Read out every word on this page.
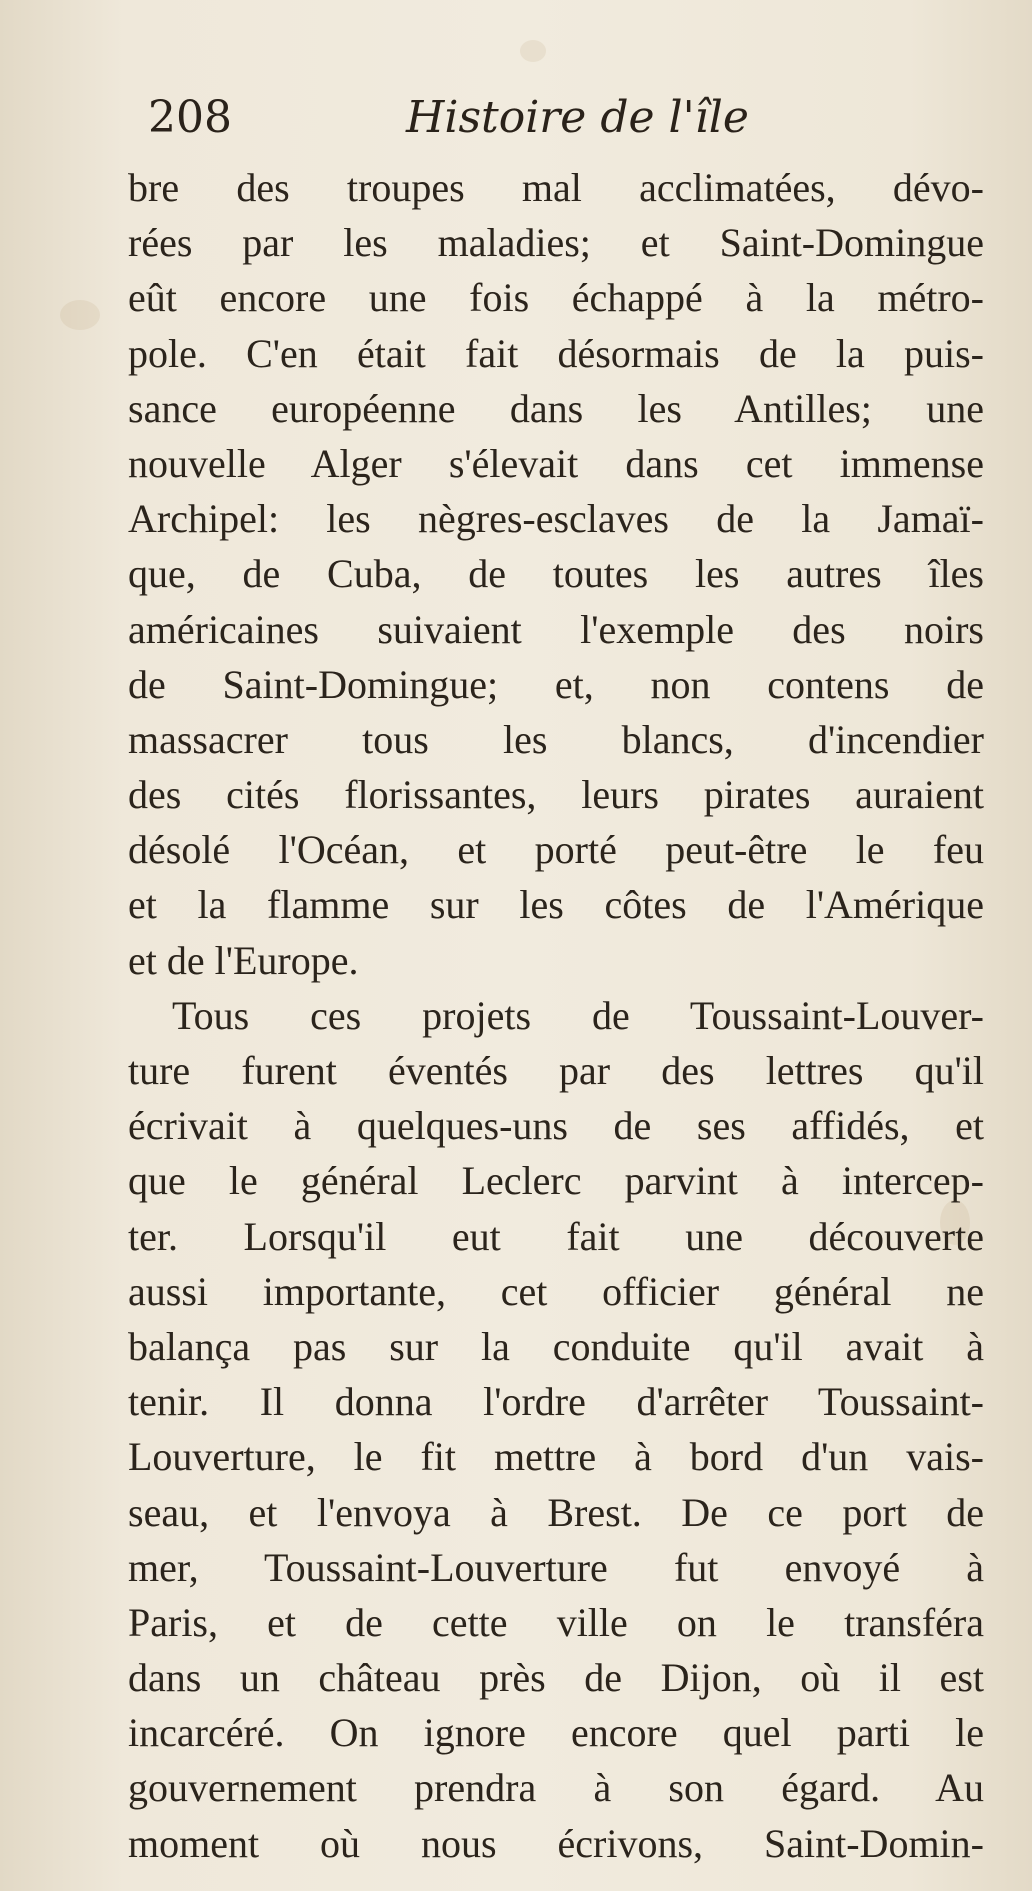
208	Histoire de l'île
bre des troupes mal acclimatées, dévo-
rées par les maladies; et Saint-Domingue
eût encore une fois échappé à la métro-
pole. C'en était fait désormais de la puis-
sance européenne dans les Antilles; une
nouvelle Alger s'élevait dans cet immense
Archipel: les nègres-esclaves de la Jamaï-
que, de Cuba, de toutes les autres îles
américaines suivaient l'exemple des noirs
de Saint-Domingue; et, non contens de
massacrer tous les blancs, d'incendier
des cités florissantes, leurs pirates auraient
désolé l'Océan, et porté peut-être le feu
et la flamme sur les côtes de l'Amérique
et de l'Europe.
Tous ces projets de Toussaint-Louver-
ture furent éventés par des lettres qu'il
écrivait à quelques-uns de ses affidés, et
que le général Leclerc parvint à intercep-
ter. Lorsqu'il eut fait une découverte
aussi importante, cet officier général ne
balança pas sur la conduite qu'il avait à
tenir. Il donna l'ordre d'arrêter Toussaint-
Louverture, le fit mettre à bord d'un vais-
seau, et l'envoya à Brest. De ce port de
mer, Toussaint-Louverture fut envoyé à
Paris, et de cette ville on le transféra
dans un château près de Dijon, où il est
incarcéré. On ignore encore quel parti le
gouvernement prendra à son égard. Au
moment où nous écrivons, Saint-Domin-
